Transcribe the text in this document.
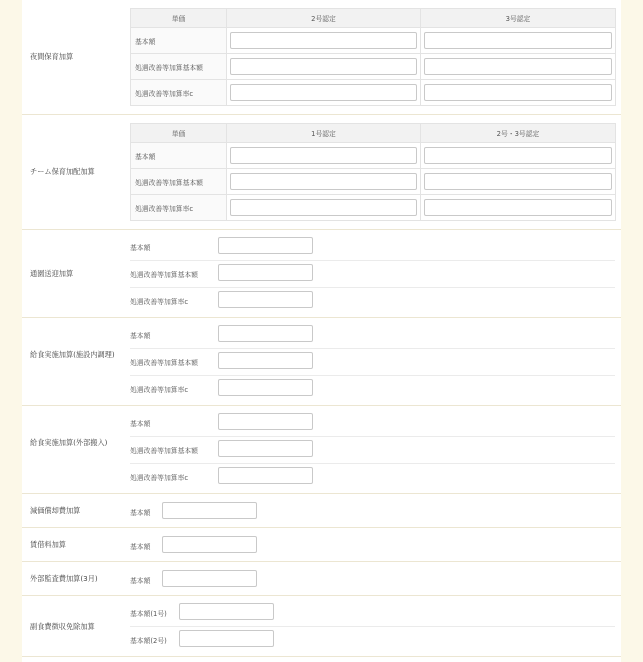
夜間保育加算
単価	2号認定	3号認定
基本額	

処遇改善等加算基本額	

処遇改善等加算率c	

チーム保育加配加算
単価	1号認定	2号・3号認定
基本額	

処遇改善等加算基本額	

処遇改善等加算率c	

通園送迎加算
基本額
処遇改善等加算基本額
処遇改善等加算率c
給食実施加算(施設内調理)
基本額
処遇改善等加算基本額
処遇改善等加算率c
給食実施加算(外部搬入)
基本額
処遇改善等加算基本額
処遇改善等加算率c
減価償却費加算	基本額
賃借料加算	基本額
外部監査費加算(3月)	基本額
副食費徴収免除加算
基本額(1号)
基本額(2号)
